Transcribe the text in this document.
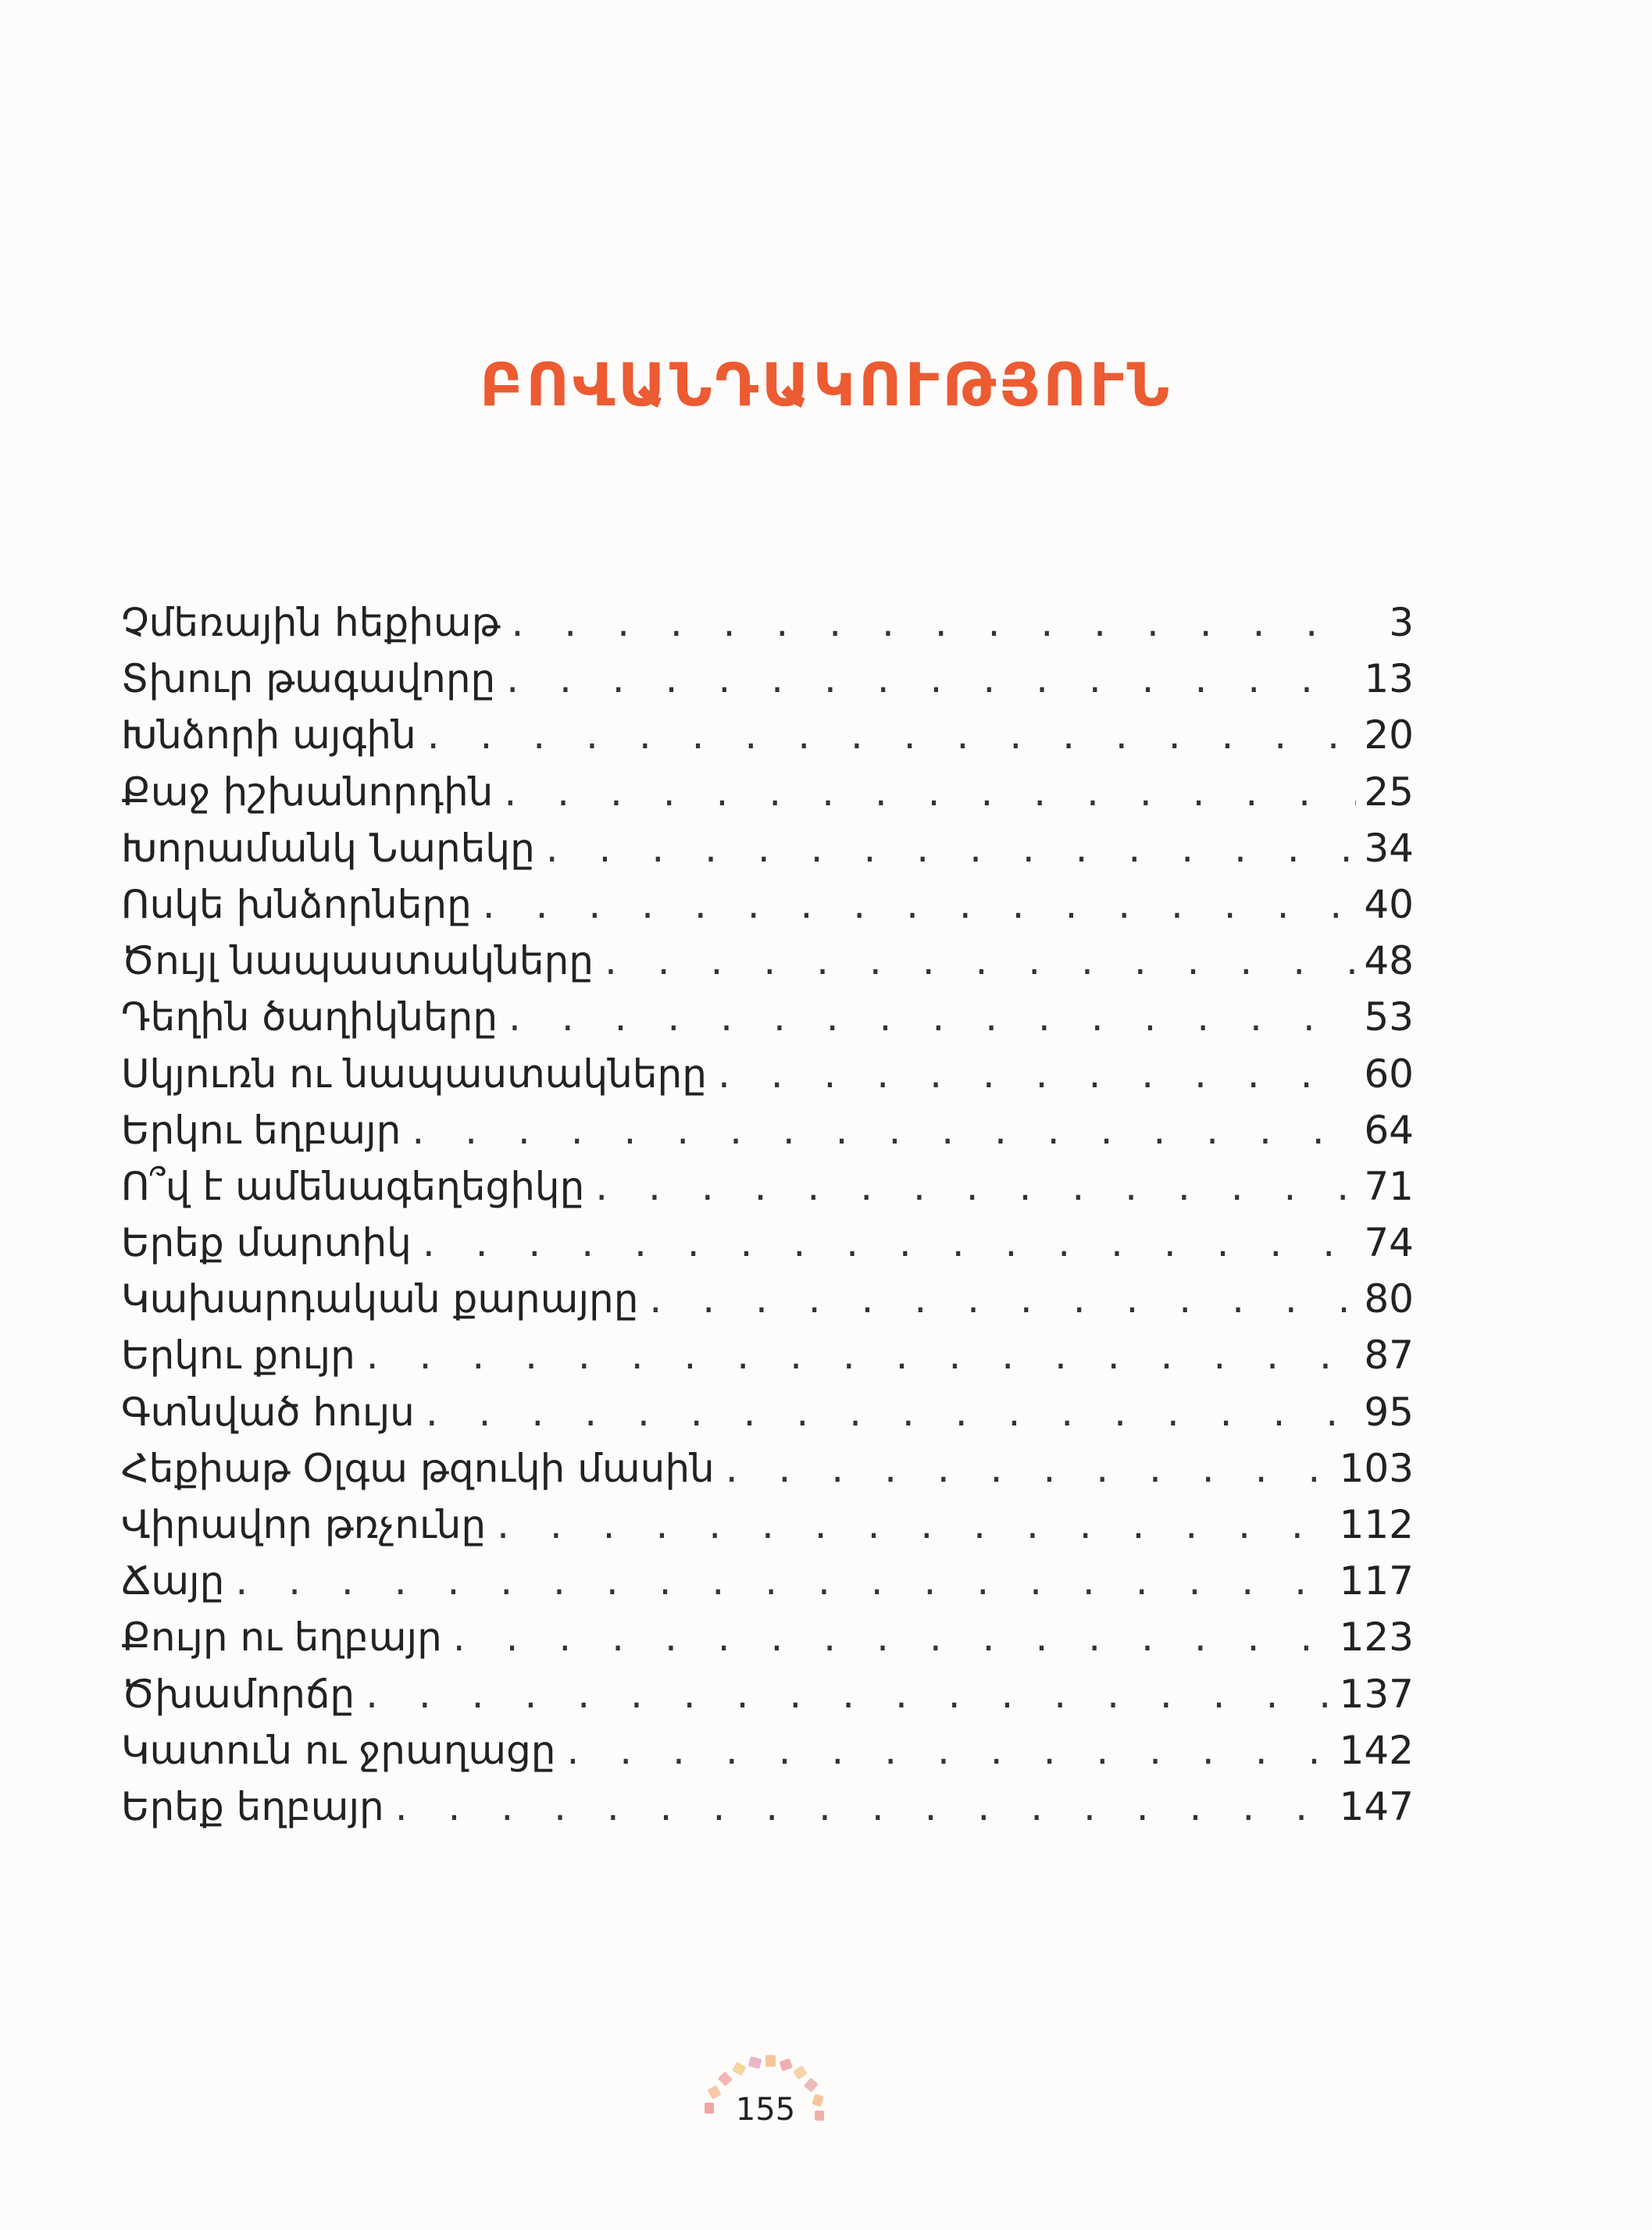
ԲՈՎԱՆԴԱԿՈՒԹՅՈՒՆ
Չմեռային հեքիաթ . . .	3
Տխուր թագավորը . . .	13
Խնձորի այգին . . .	20
Քաջ իշխանորդին . . .	25
Խորամանկ Նարեկը . . .	34
Ոսկե խնձորները . . .	40
Ծույլ նապաստակները . . .	48
Դեղին ծաղիկները . . .	53
Սկյուռն ու նապաստակները . . .	60
Երկու եղբայր . . .	64
Ո՞վ է ամենագեղեցիկը . . .	71
Երեք մարտիկ . . .	74
Կախարդական քարայրը . . .	80
Երկու քույր . . .	87
Գտնված հույս . . .	95
Հեքիաթ Օլգա թզուկի մասին . . .	103
Վիրավոր թռչունը . . .	112
Ճայը . . .	117
Քույր ու եղբայր . . .	123
Ծխամորճը . . .	137
Կատուն ու ջրաղացը . . .	142
Երեք եղբայր . . .	147
155
